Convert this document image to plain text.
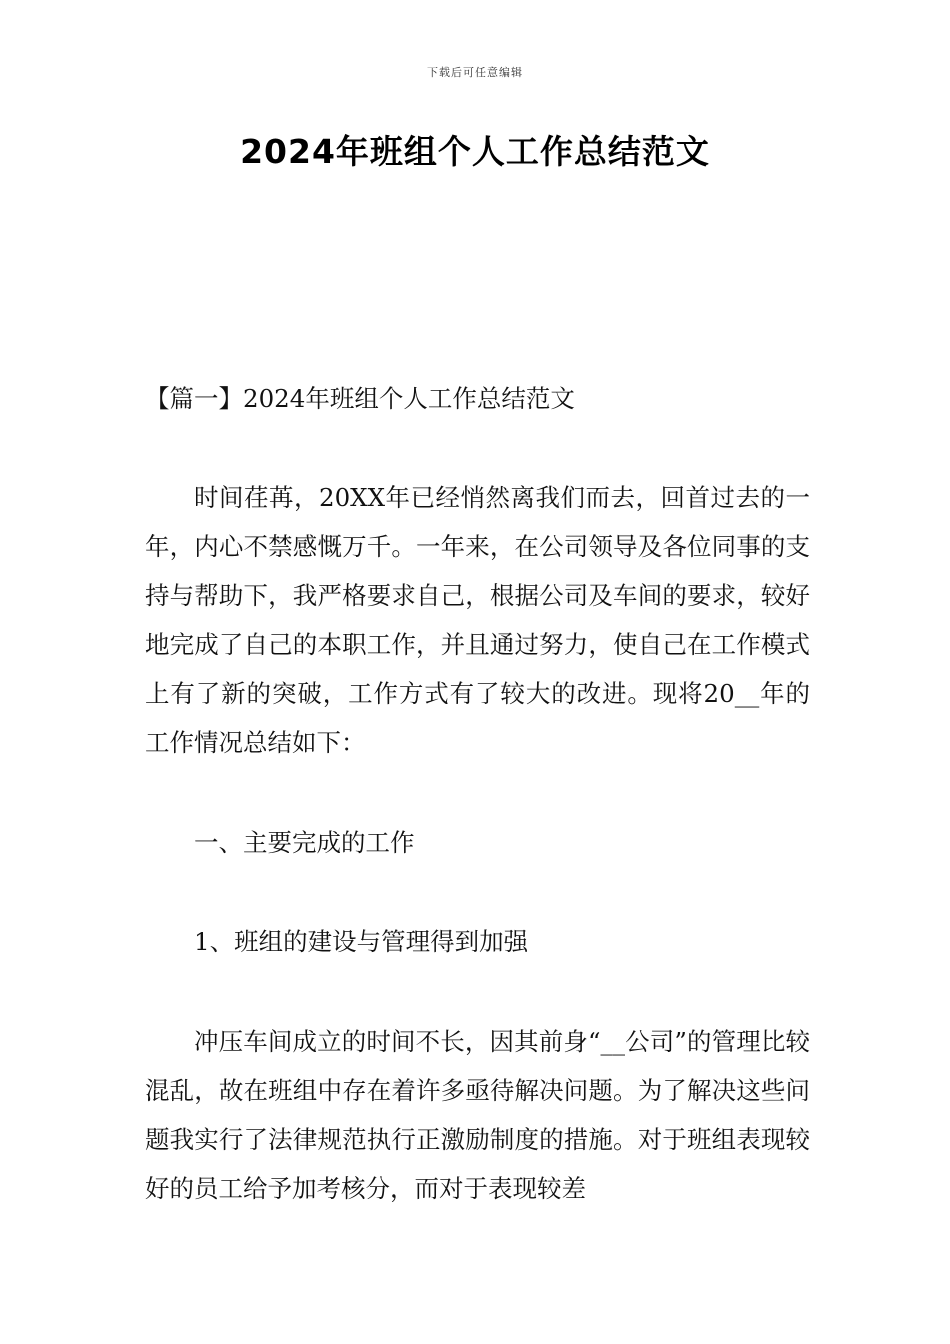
下载后可任意编辑
2024年班组个人工作总结范文
【篇一】2024年班组个人工作总结范文

时间荏苒，20XX年已经悄然离我们而去，回首过去的一年，内心不禁感慨万千。一年来，在公司领导及各位同事的支持与帮助下，我严格要求自己，根据公司及车间的要求，较好地完成了自己的本职工作，并且通过努力，使自己在工作模式上有了新的突破，工作方式有了较大的改进。现将20__年的工作情况总结如下：

一、主要完成的工作

1、班组的建设与管理得到加强

冲压车间成立的时间不长，因其前身“__公司”的管理比较混乱，故在班组中存在着许多亟待解决问题。为了解决这些问题我实行了法律规范执行正激励制度的措施。对于班组表现较好的员工给予加考核分，而对于表现较差
